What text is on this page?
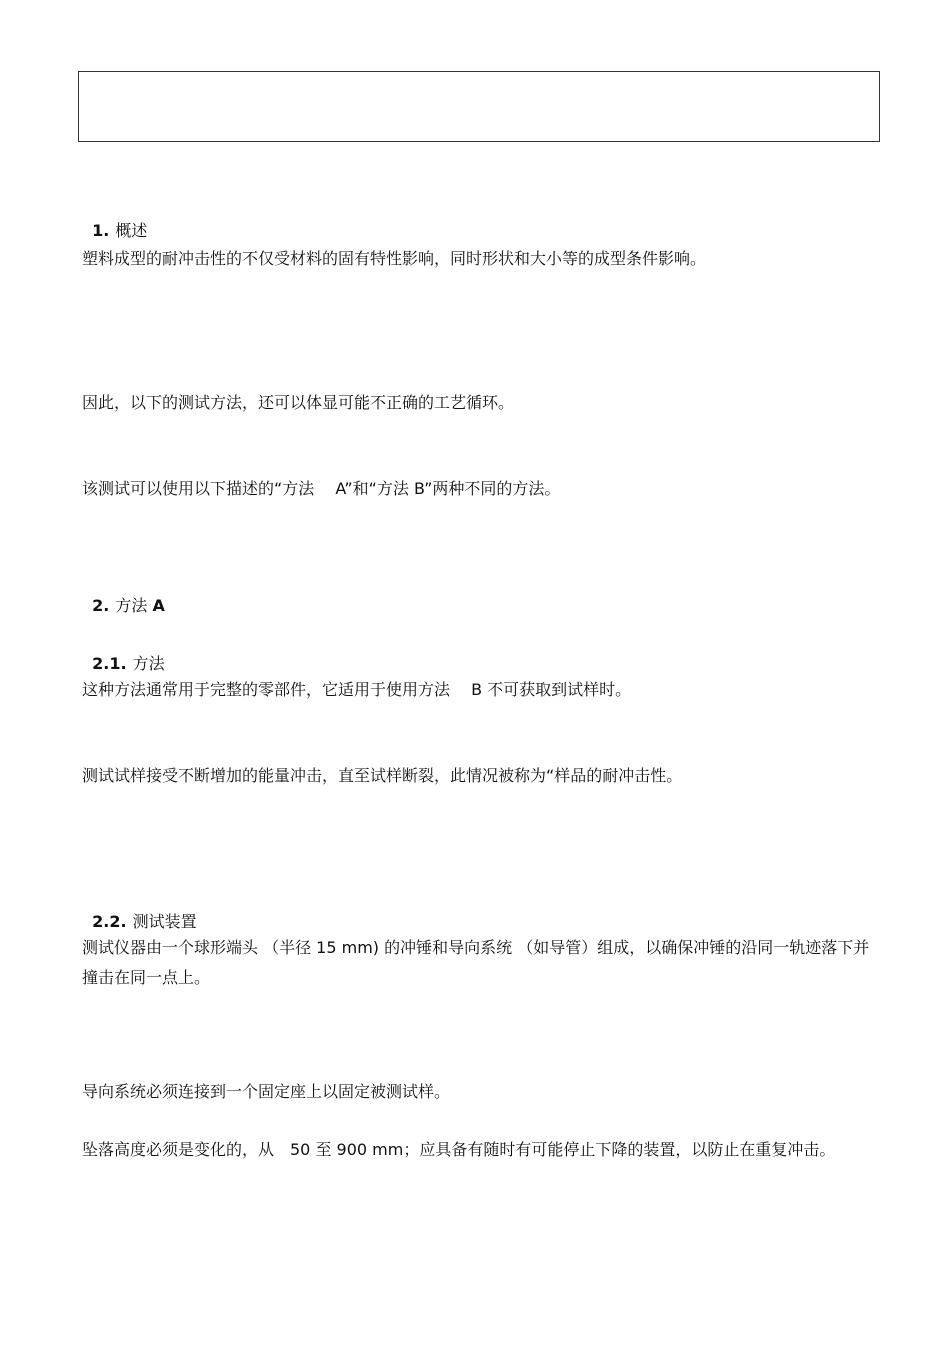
1. 概述

塑料成型的耐冲击性的不仅受材料的固有特性影响，同时形状和大小等的成型条件影响。
因此，以下的测试方法，还可以体显可能不正确的工艺循环。
该测试可以使用以下描述的“方法　 A”和“方法 B”两种不同的方法。

2. 方法 A

2.1. 方法

这种方法通常用于完整的零部件，它适用于使用方法　 B 不可获取到试样时。
测试试样接受不断增加的能量冲击，直至试样断裂，此情况被称为“样品的耐冲击性。

2.2. 测试装置

测试仪器由一个球形端头 （半径 15 mm) 的冲锤和导向系统 （如导管）组成，以确保冲锤的沿同一轨迹落下并撞击在同一点上。
导向系统必须连接到一个固定座上以固定被测试样。
坠落高度必须是变化的，从　50 至 900 mm；应具备有随时有可能停止下降的装置，以防止在重复冲击。
